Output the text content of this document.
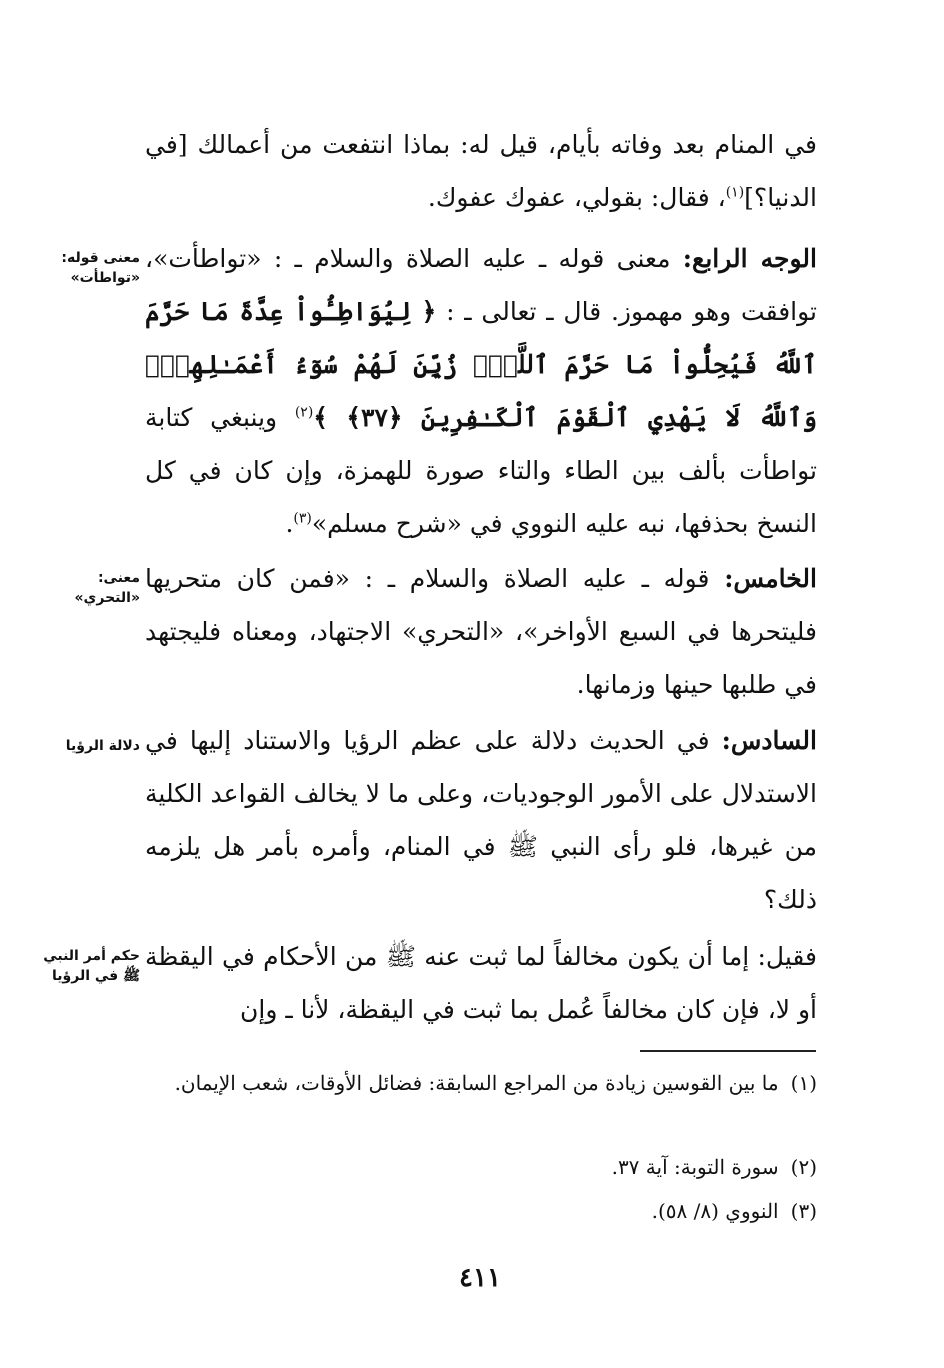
في المنام بعد وفاته بأيام، قيل له: بماذا انتفعت من أعمالك [في الدنيا؟]$^{(١)}$، فقال: بقولي، عفوك عفوك.

الوجه الرابع: معنى قوله ـ عليه الصلاة والسلام ـ : «تواطأت»، توافقت وهو مهموز. قال ـ تعالى ـ : ﴿ لِيُوَاطِـُٔواْ عِدَّةَ مَا حَرَّمَ ٱللَّهُ فَيُحِلُّواْ مَا حَرَّمَ ٱللَّهُۚ زُيِّنَ لَهُمْ سُوٓءُ أَعْمَـٰلِهِمْۗ وَٱللَّهُ لَا يَهْدِي ٱلْقَوْمَ ٱلْكَـٰفِرِينَ ﴿٣٧﴾ ﴾$^{(٢)}$ وينبغي كتابة تواطأت بألف بين الطاء والتاء صورة للهمزة، وإن كان في كل النسخ بحذفها، نبه عليه النووي في «شرح مسلم»$^{(٣)}$.

معنى قوله: «تواطأت»

الخامس: قوله ـ عليه الصلاة والسلام ـ : «فمن كان متحريها فليتحرها في السبع الأواخر»، «التحري» الاجتهاد، ومعناه فليجتهد في طلبها حينها وزمانها.

معنى: «التحري»

السادس: في الحديث دلالة على عظم الرؤيا والاستناد إليها في الاستدلال على الأمور الوجوديات، وعلى ما لا يخالف القواعد الكلية من غيرها، فلو رأى النبي ﷺ في المنام، وأمره بأمر هل يلزمه ذلك؟

دلالة الرؤيا

فقيل: إما أن يكون مخالفاً لما ثبت عنه ﷺ من الأحكام في اليقظة أو لا، فإن كان مخالفاً عُمل بما ثبت في اليقظة، لأنا ـ وإن

حكم أمر النبي ﷺ في الرؤيا
(١)ما بين القوسين زيادة من المراجع السابقة: فضائل الأوقات، شعب الإيمان.
(٢)سورة التوبة: آية ٣٧.
(٣)النووي (٨/ ٥٨).
٤١١
